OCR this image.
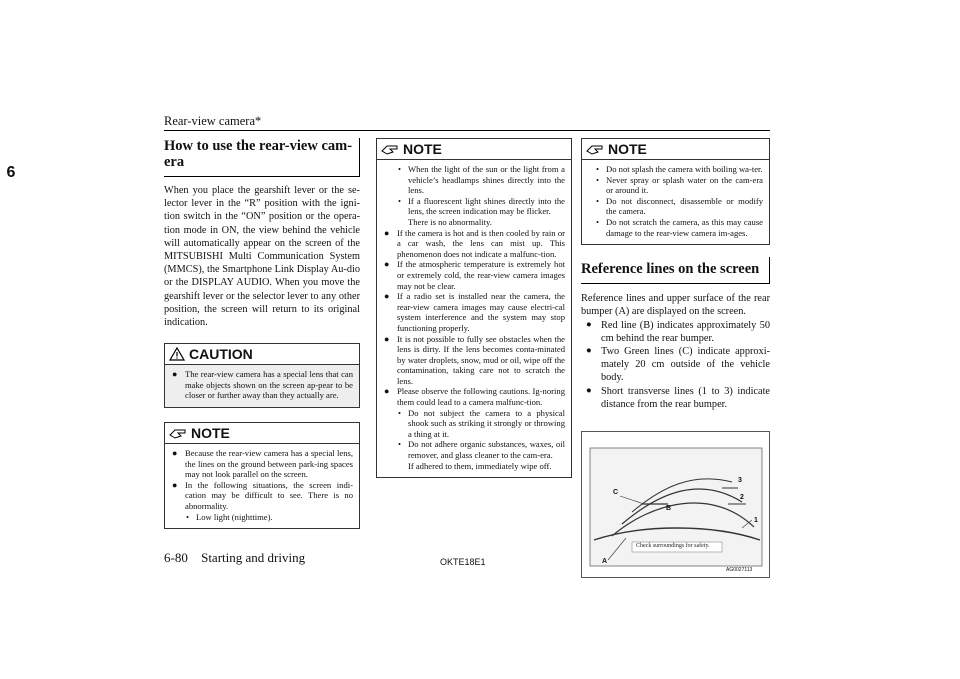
Rear-view camera*
6
How to use the rear-view cam-era

When you place the gearshift lever or the se-lector lever in the “R” position with the igni-tion switch in the “ON” position or the opera-tion mode in ON, the view behind the vehicle will automatically appear on the screen of the MITSUBISHI Multi Communication System (MMCS), the Smartphone Link Display Au-dio or the DISPLAY AUDIO. When you move the gearshift lever or the selector lever to any other position, the screen will return to its original indication.

CAUTION

● The rear-view camera has a special lens that can make objects shown on the screen ap-pear to be closer or further away than they actually are.

NOTE

● Because the rear-view camera has a special lens, the lines on the ground between park-ing spaces may not look parallel on the screen.

● In the following situations, the screen indi-cation may be difficult to see. There is no abnormality.

• Low light (nighttime).

NOTE

• When the light of the sun or the light from a vehicle’s headlamps shines directly into the lens.

• If a fluorescent light shines directly into the lens, the screen indication may be flicker.

There is no abnormality.

● If the camera is hot and is then cooled by rain or a car wash, the lens can mist up. This phenomenon does not indicate a malfunc-tion.

● If the atmospheric temperature is extremely hot or extremely cold, the rear-view camera images may not be clear.

● If a radio set is installed near the camera, the rear-view camera images may cause electri-cal system interference and the system may stop functioning properly.

● It is not possible to fully see obstacles when the lens is dirty. If the lens becomes conta-minated by water droplets, snow, mud or oil, wipe off the contamination, taking care not to scratch the lens.

● Please observe the following cautions. Ig-noring them could lead to a camera malfunc-tion.

• Do not subject the camera to a physical shook such as striking it strongly or throwing a thing at it.

• Do not adhere organic substances, waxes, oil remover, and glass cleaner to the cam-era.

If adhered to them, immediately wipe off.

NOTE

• Do not splash the camera with boiling wa-ter.

• Never spray or splash water on the cam-era or around it.

• Do not disconnect, disassemble or modify the camera.

• Do not scratch the camera, as this may cause damage to the rear-view camera im-ages.

Reference lines on the screen

Reference lines and upper surface of the rear bumper (A) are displayed on the screen.

● Red line (B) indicates approximately 50 cm behind the rear bumper.

● Two Green lines (C) indicate approxi-mately 20 cm outside of the vehicle body.

● Short transverse lines (1 to 3) indicate distance from the rear bumper.

C
B
A
1
2
3
Check surroundings for safety.
AG0027113
6-80 Starting and driving	OKTE18E1
